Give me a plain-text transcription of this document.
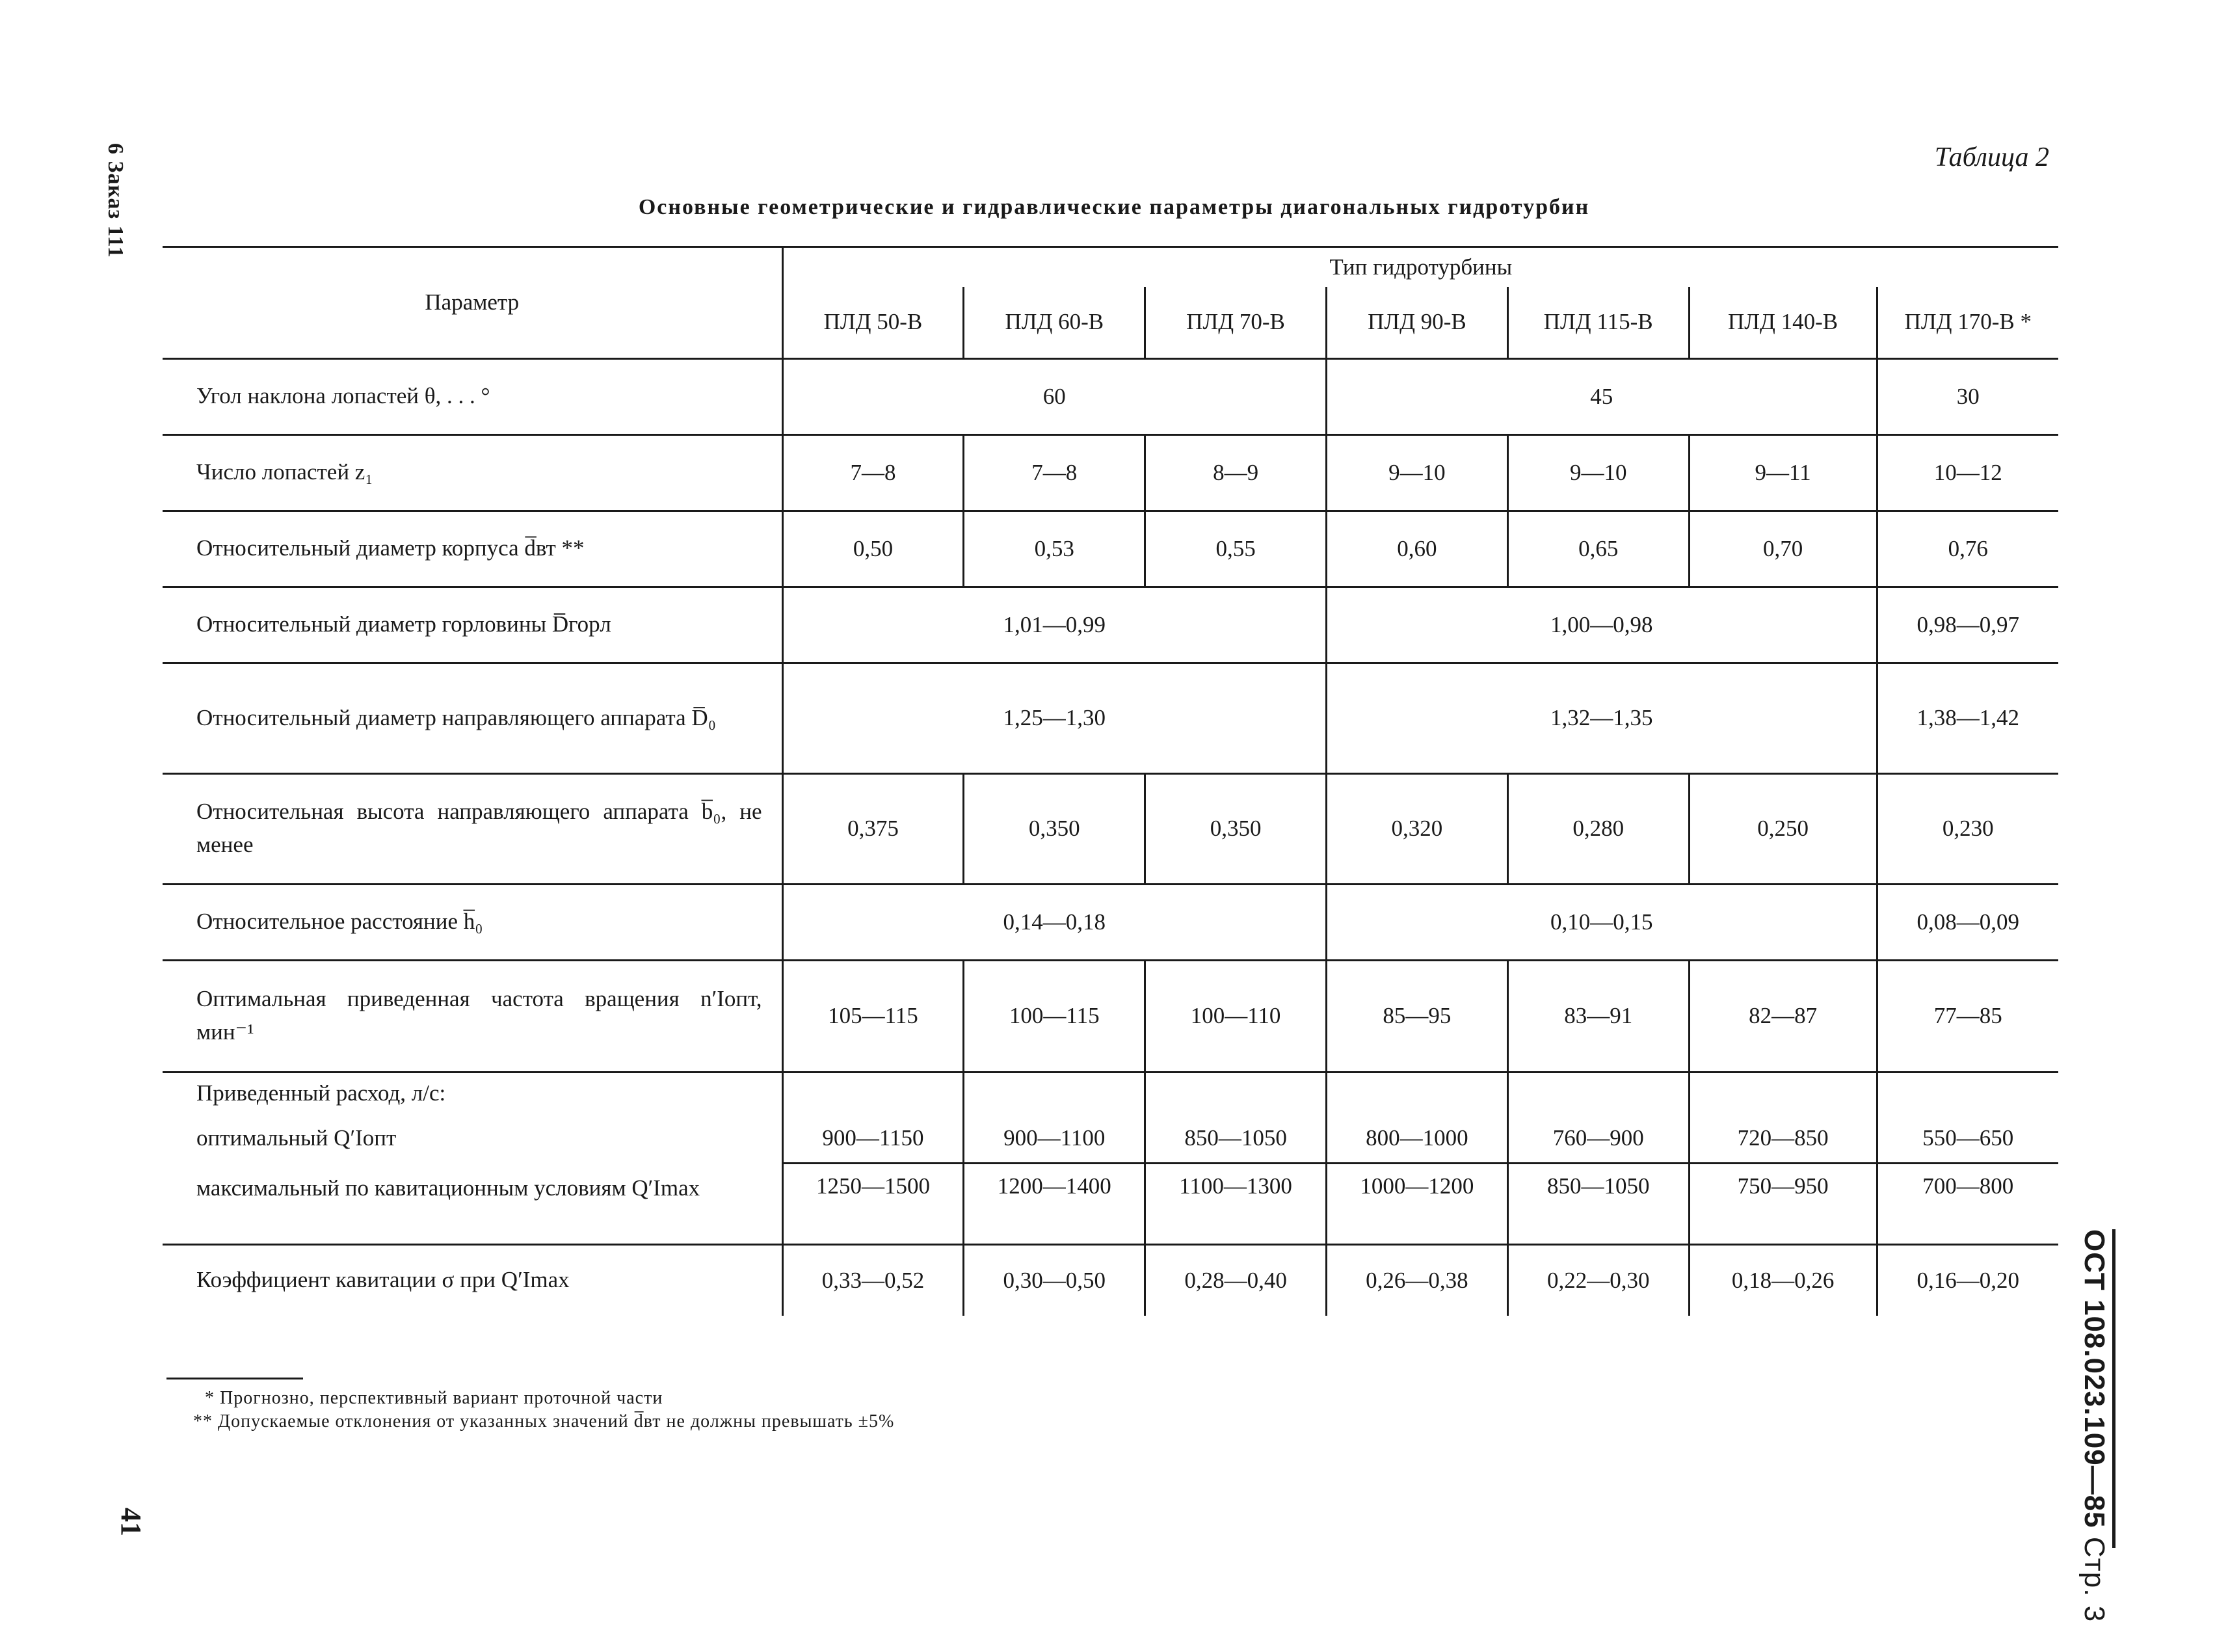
6 Заказ 111
41	ОСТ 108.023.109—85 Стр. 3
Таблица 2
Основные геометрические и гидравлические параметры диагональных гидротурбин
Параметр	Тип гидротурбины						
	ПЛД 50-В	ПЛД 60-В	ПЛД 70-В	ПЛД 90-В	ПЛД 115-В	ПЛД 140-В	ПЛД 170-В *
Угол наклона лопастей θ, . . . °	60			45			30
Число лопастей z₁	7—8	7—8	8—9	9—10	9—10	9—11	10—12
Относительный диаметр корпуса d̅вт **	0,50	0,53	0,55	0,60	0,65	0,70	0,76
Относительный диаметр горловины D̅горл	1,01—0,99			1,00—0,98			0,98—0,97
Относительный диаметр направляющего аппарата D̅₀	1,25—1,30			1,32—1,35			1,38—1,42
Относительная высота направляющего аппарата b̅₀, не менее	0,375	0,350	0,350	0,320	0,280	0,250	0,230
Относительное расстояние h̅₀	0,14—0,18			0,10—0,15			0,08—0,09
Оптимальная приведенная частота вращения n′Iопт, мин⁻¹	105—115	100—115	100—110	85—95	83—91	82—87	77—85
Приведенный расход, л/с:							
оптимальный Q′Iопт	900—1150	900—1100	850—1050	800—1000	760—900	720—850	550—650
максимальный по кавитационным условиям Q′Imax	1250—1500	1200—1400	1100—1300	1000—1200	850—1050	750—950	700—800
Коэффициент кавитации σ при Q′Imax	0,33—0,52	0,30—0,50	0,28—0,40	0,26—0,38	0,22—0,30	0,18—0,26	0,16—0,20
* Прогнозно, перспективный вариант проточной части
** Допускаемые отклонения от указанных значений d̅вт не должны превышать ±5%
